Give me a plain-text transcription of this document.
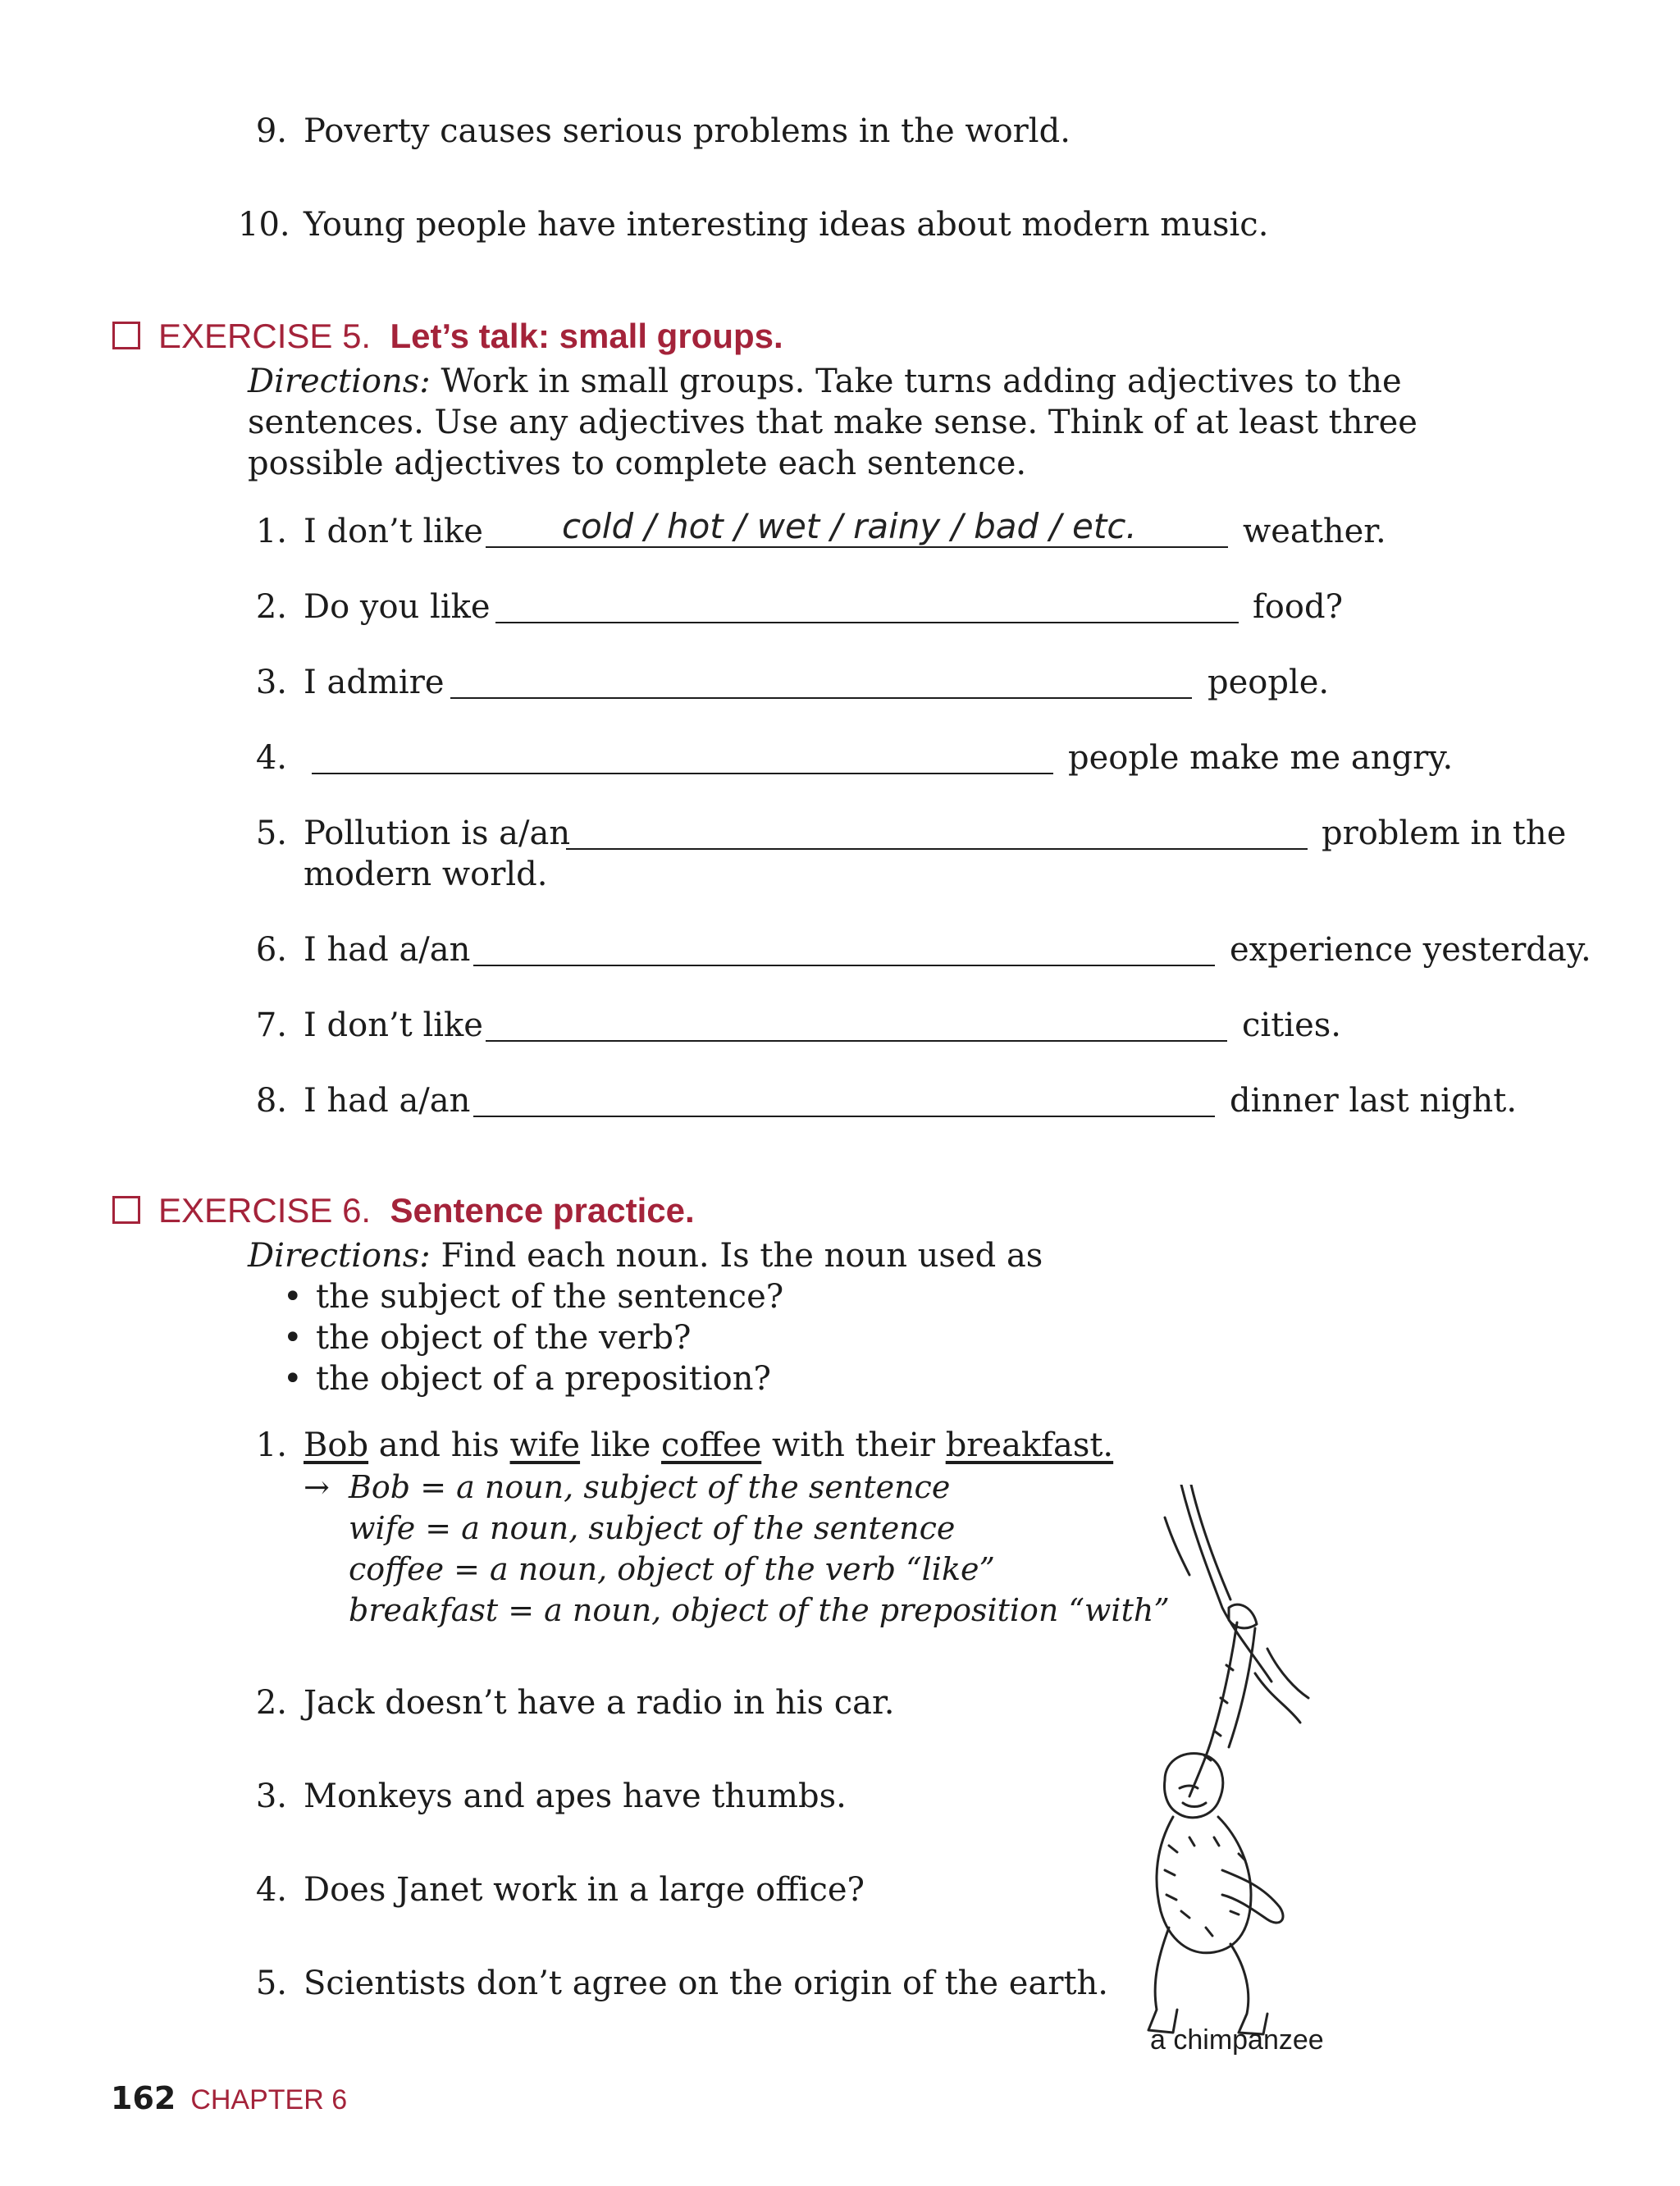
9. Poverty causes serious problems in the world.
10. Young people have interesting ideas about modern music.
EXERCISE 5. Let’s talk: small groups.
Directions: Work in small groups. Take turns adding adjectives to the sentences. Use any adjectives that make sense. Think of at least three possible adjectives to complete each sentence.
1. I don’t like cold / hot / wet / rainy / bad / etc.	weather.
2. Do you like	food?
3. I admire	people.
4.	people make me angry.
5. Pollution is a/an	problem in the
modern world.
6. I had a/an	experience yesterday.
7. I don’t like	cities.
8. I had a/an	dinner last night.
EXERCISE 6. Sentence practice.
Directions: Find each noun. Is the noun used as
• the subject of the sentence?
• the object of the verb?
• the object of a preposition?
1. Bob and his wife like coffee with their breakfast.
→ Bob = a noun, subject of the sentence
wife = a noun, subject of the sentence
coffee = a noun, object of the verb “like”
breakfast = a noun, object of the preposition “with”
2. Jack doesn’t have a radio in his car.
3. Monkeys and apes have thumbs.
4. Does Janet work in a large office?
5. Scientists don’t agree on the origin of the earth.
a chimpanzee
162 CHAPTER 6
